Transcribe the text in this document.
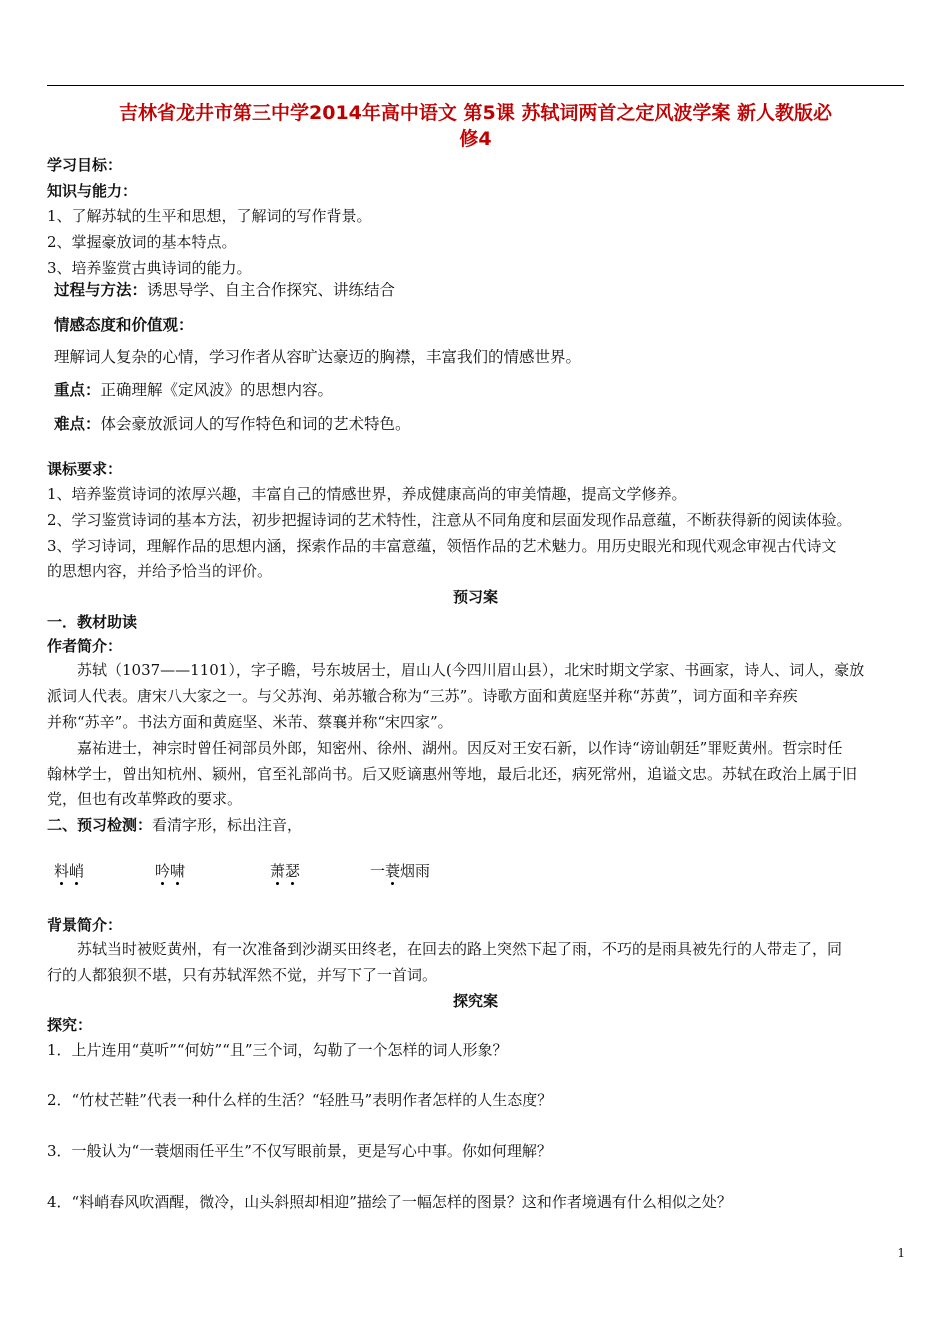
吉林省龙井市第三中学2014年高中语文 第5课 苏轼词两首之定风波学案 新人教版必
修4
学习目标：
知识与能力：
1、了解苏轼的生平和思想，了解词的写作背景。
2、掌握豪放词的基本特点。
3、培养鉴赏古典诗词的能力。
过程与方法：诱思导学、自主合作探究、讲练结合
情感态度和价值观：
理解词人复杂的心情，学习作者从容旷达豪迈的胸襟，丰富我们的情感世界。
重点：正确理解《定风波》的思想内容。
难点：体会豪放派词人的写作特色和词的艺术特色。
课标要求：
1、培养鉴赏诗词的浓厚兴趣，丰富自己的情感世界，养成健康高尚的审美情趣，提高文学修养。
2、学习鉴赏诗词的基本方法，初步把握诗词的艺术特性，注意从不同角度和层面发现作品意蕴，不断获得新的阅读体验。
3、学习诗词，理解作品的思想内涵，探索作品的丰富意蕴，领悟作品的艺术魅力。用历史眼光和现代观念审视古代诗文
的思想内容，并给予恰当的评价。
预习案
一．教材助读
作者简介：
苏轼（1037——1101），字子瞻，号东坡居士，眉山人(今四川眉山县），北宋时期文学家、书画家，诗人、词人，豪放
派词人代表。唐宋八大家之一。与父苏洵、弟苏辙合称为“三苏”。诗歌方面和黄庭坚并称“苏黄”，词方面和辛弃疾
并称“苏辛”。书法方面和黄庭坚、米芾、蔡襄并称“宋四家”。
嘉祐进士，神宗时曾任祠部员外郎，知密州、徐州、湖州。因反对王安石新，以作诗“谤讪朝廷”罪贬黄州。哲宗时任
翰林学士，曾出知杭州、颍州，官至礼部尚书。后又贬谪惠州等地，最后北还，病死常州，追谥文忠。苏轼在政治上属于旧
党，但也有改革弊政的要求。
二、预习检测：看清字形，标出注音，
料峭	吟啸	萧瑟	一蓑烟雨
背景简介：
苏轼当时被贬黄州，有一次准备到沙湖买田终老，在回去的路上突然下起了雨，不巧的是雨具被先行的人带走了，同
行的人都狼狈不堪，只有苏轼浑然不觉，并写下了一首词。
探究案
探究：
1．上片连用“莫听”“何妨”“且”三个词，勾勒了一个怎样的词人形象？
2．“竹杖芒鞋”代表一种什么样的生活？“轻胜马”表明作者怎样的人生态度？
3．一般认为“一蓑烟雨任平生”不仅写眼前景，更是写心中事。你如何理解？
4．“料峭春风吹酒醒，微冷，山头斜照却相迎”描绘了一幅怎样的图景？这和作者境遇有什么相似之处？
1
